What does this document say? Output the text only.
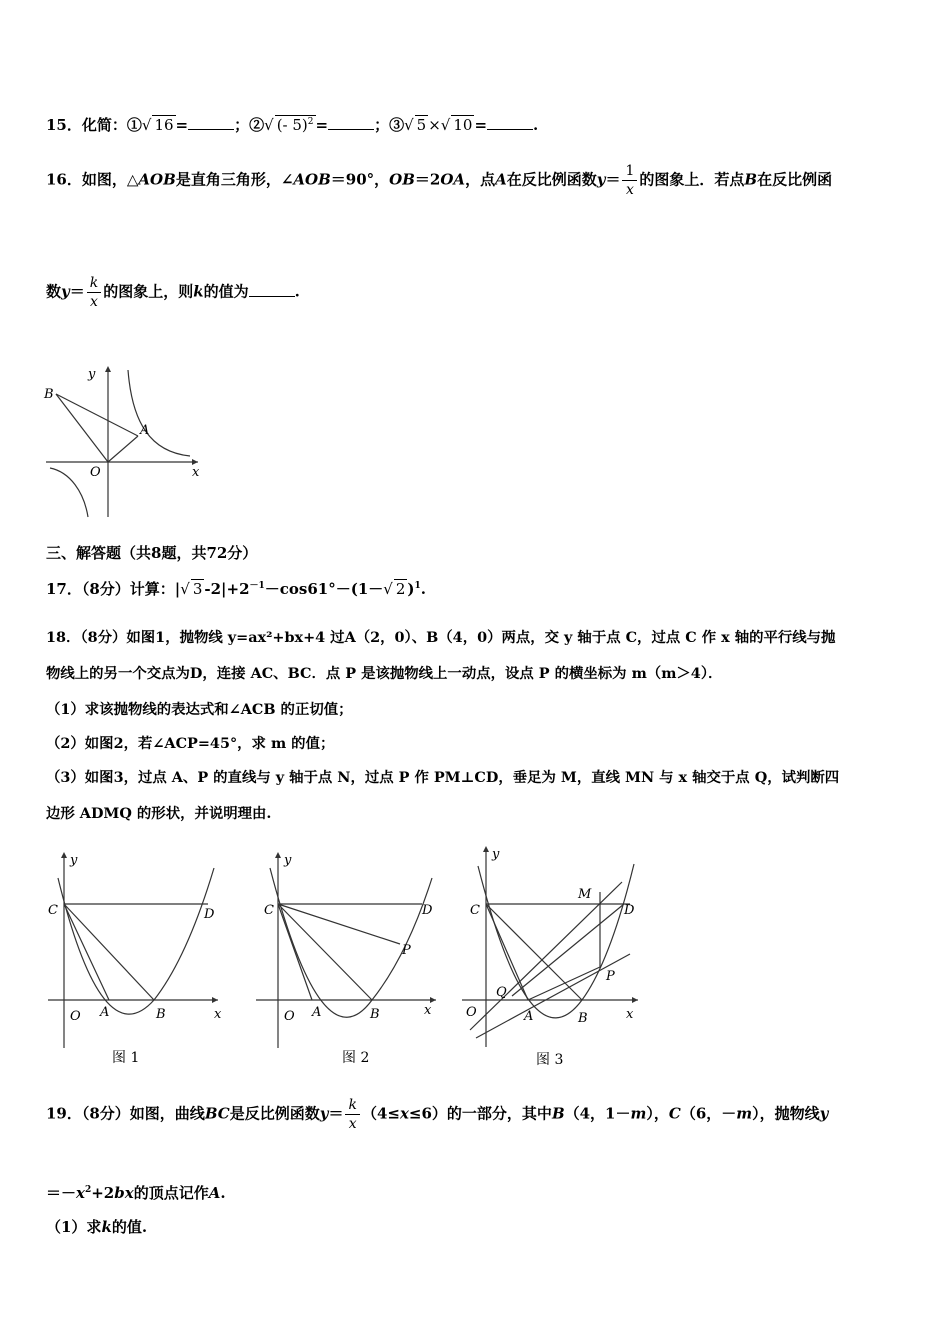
15．化简：①√ 16 =	；②√ (- 5)$^2$ =	；③√ 5 ×√ 10 =	.
16．如图，△AOB是直角三角形，∠AOB＝90°，OB＝2OA，点A在反比例函数$y= \frac{1}{x}$ 的图象上．若点B在反比例函
数$y= \frac{k}{x}$ 的图象上，则k的值为	.
B
A
O	x
y
三、解答题（共8题，共72分）
17．（8分）计算：|√ 3 $-2|+2^{-1}-\cos 61^\circ-(1-√$ 2 )$^1$.
18．（8分）如图1，抛物线 y=ax²+bx+4 过A（2，0）、B（4，0）两点，交 y 轴于点 C，过点 C 作 x 轴的平行线与抛
物线上的另一个交点为D，连接 AC、BC．点 P 是该抛物线上一动点，设点 P 的横坐标为 m（m＞4）．
（1）求该抛物线的表达式和∠ACB 的正切值；
（2）如图2，若∠ACP=45°，求 m 的值；
（3）如图3，过点 A、P 的直线与 y 轴于点 N，过点 P 作 PM⊥CD，垂足为 M，直线 MN 与 x 轴交于点 Q，试判断四
边形 ADMQ 的形状，并说明理由.
y
C	D
O A	B	x
图 1
y
C	D
P
O A	B	x
图 2
y
C
M
D
P
Q
O	A	B	x
图 3
19．（8分）如图，曲线BC是反比例函数$y= \frac{k}{x} (4\le x\le 6)$的一部分，其中B（4，1－m），C（6，－m），抛物线y
$=-x^2+2bx$的顶点记作A.
（1）求k的值.
